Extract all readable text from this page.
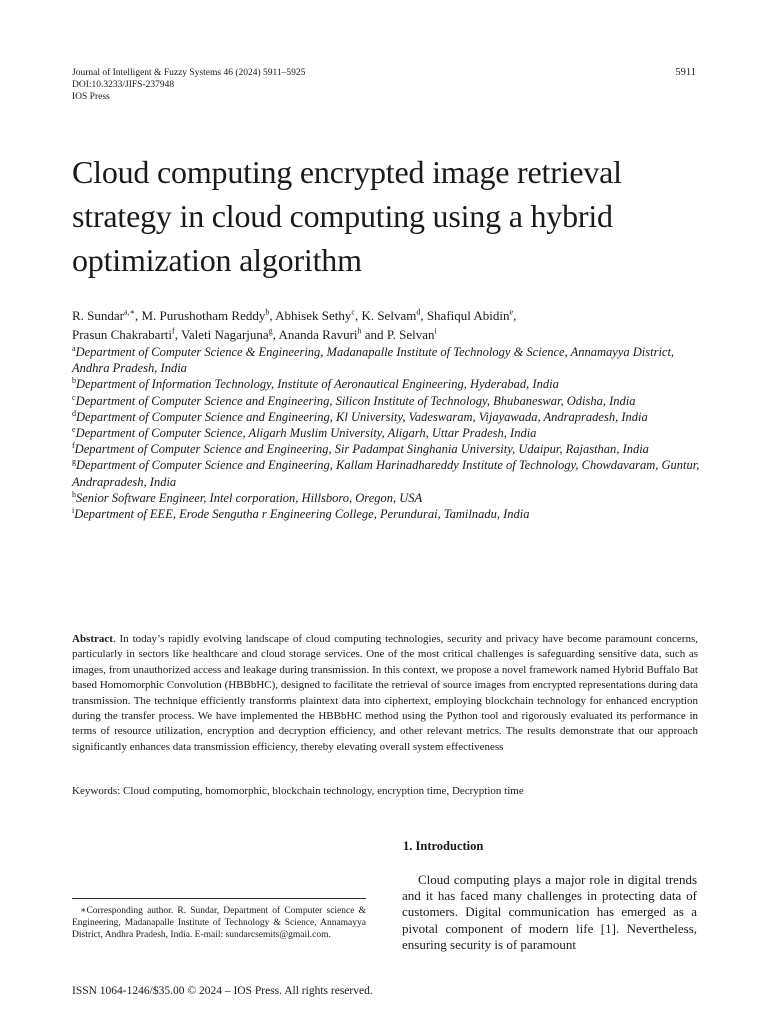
Journal of Intelligent & Fuzzy Systems 46 (2024) 5911–5925
DOI:10.3233/JIFS-237948
IOS Press
5911
Cloud computing encrypted image retrieval strategy in cloud computing using a hybrid optimization algorithm
R. Sundar$^{a,∗}$, M. Purushotham Reddy$^b$, Abhisek Sethy$^c$, K. Selvam$^d$, Shafiqul Abidin$^e$,
Prasun Chakrabarti$^f$, Valeti Nagarjuna$^g$, Ananda Ravuri$^h$ and P. Selvan$^i$
$^a$Department of Computer Science & Engineering, Madanapalle Institute of Technology & Science, Annamayya District, Andhra Pradesh, India
$^b$Department of Information Technology, Institute of Aeronautical Engineering, Hyderabad, India
$^c$Department of Computer Science and Engineering, Silicon Institute of Technology, Bhubaneswar, Odisha, India
$^d$Department of Computer Science and Engineering, Kl University, Vadeswaram, Vijayawada, Andrapradesh, India
$^e$Department of Computer Science, Aligarh Muslim University, Aligarh, Uttar Pradesh, India
$^f$Department of Computer Science and Engineering, Sir Padampat Singhania University, Udaipur, Rajasthan, India
$^g$Department of Computer Science and Engineering, Kallam Harinadhareddy Institute of Technology, Chowdavaram, Guntur, Andrapradesh, India
$^h$Senior Software Engineer, Intel corporation, Hillsboro, Oregon, USA
$^i$Department of EEE, Erode Sengutha r Engineering College, Perundurai, Tamilnadu, India
Abstract. In today’s rapidly evolving landscape of cloud computing technologies, security and privacy have become paramount concerns, particularly in sectors like healthcare and cloud storage services. One of the most critical challenges is safeguarding sensitive data, such as images, from unauthorized access and leakage during transmission. In this context, we propose a novel framework named Hybrid Buffalo Bat based Homomorphic Convolution (HBBbHC), designed to facilitate the retrieval of source images from encrypted representations during data transmission. The technique efficiently transforms plaintext data into ciphertext, employing blockchain technology for enhanced encryption during the transfer process. We have implemented the HBBbHC method using the Python tool and rigorously evaluated its performance in terms of resource utilization, encryption and decryption efficiency, and other relevant metrics. The results demonstrate that our approach significantly enhances data transmission efficiency, thereby elevating overall system effectiveness
Keywords: Cloud computing, homomorphic, blockchain technology, encryption time, Decryption time
1. Introduction
Cloud computing plays a major role in digital trends and it has faced many challenges in protecting data of customers. Digital communication has emerged as a pivotal component of modern life [1]. Nevertheless, ensuring security is of paramount
∗Corresponding author. R. Sundar, Department of Computer science & Engineering, Madanapalle Institute of Technology & Science, Annamayya District, Andhra Pradesh, India. E-mail: sundarcsemits@gmail.com.
ISSN 1064-1246/$35.00 © 2024 – IOS Press. All rights reserved.
